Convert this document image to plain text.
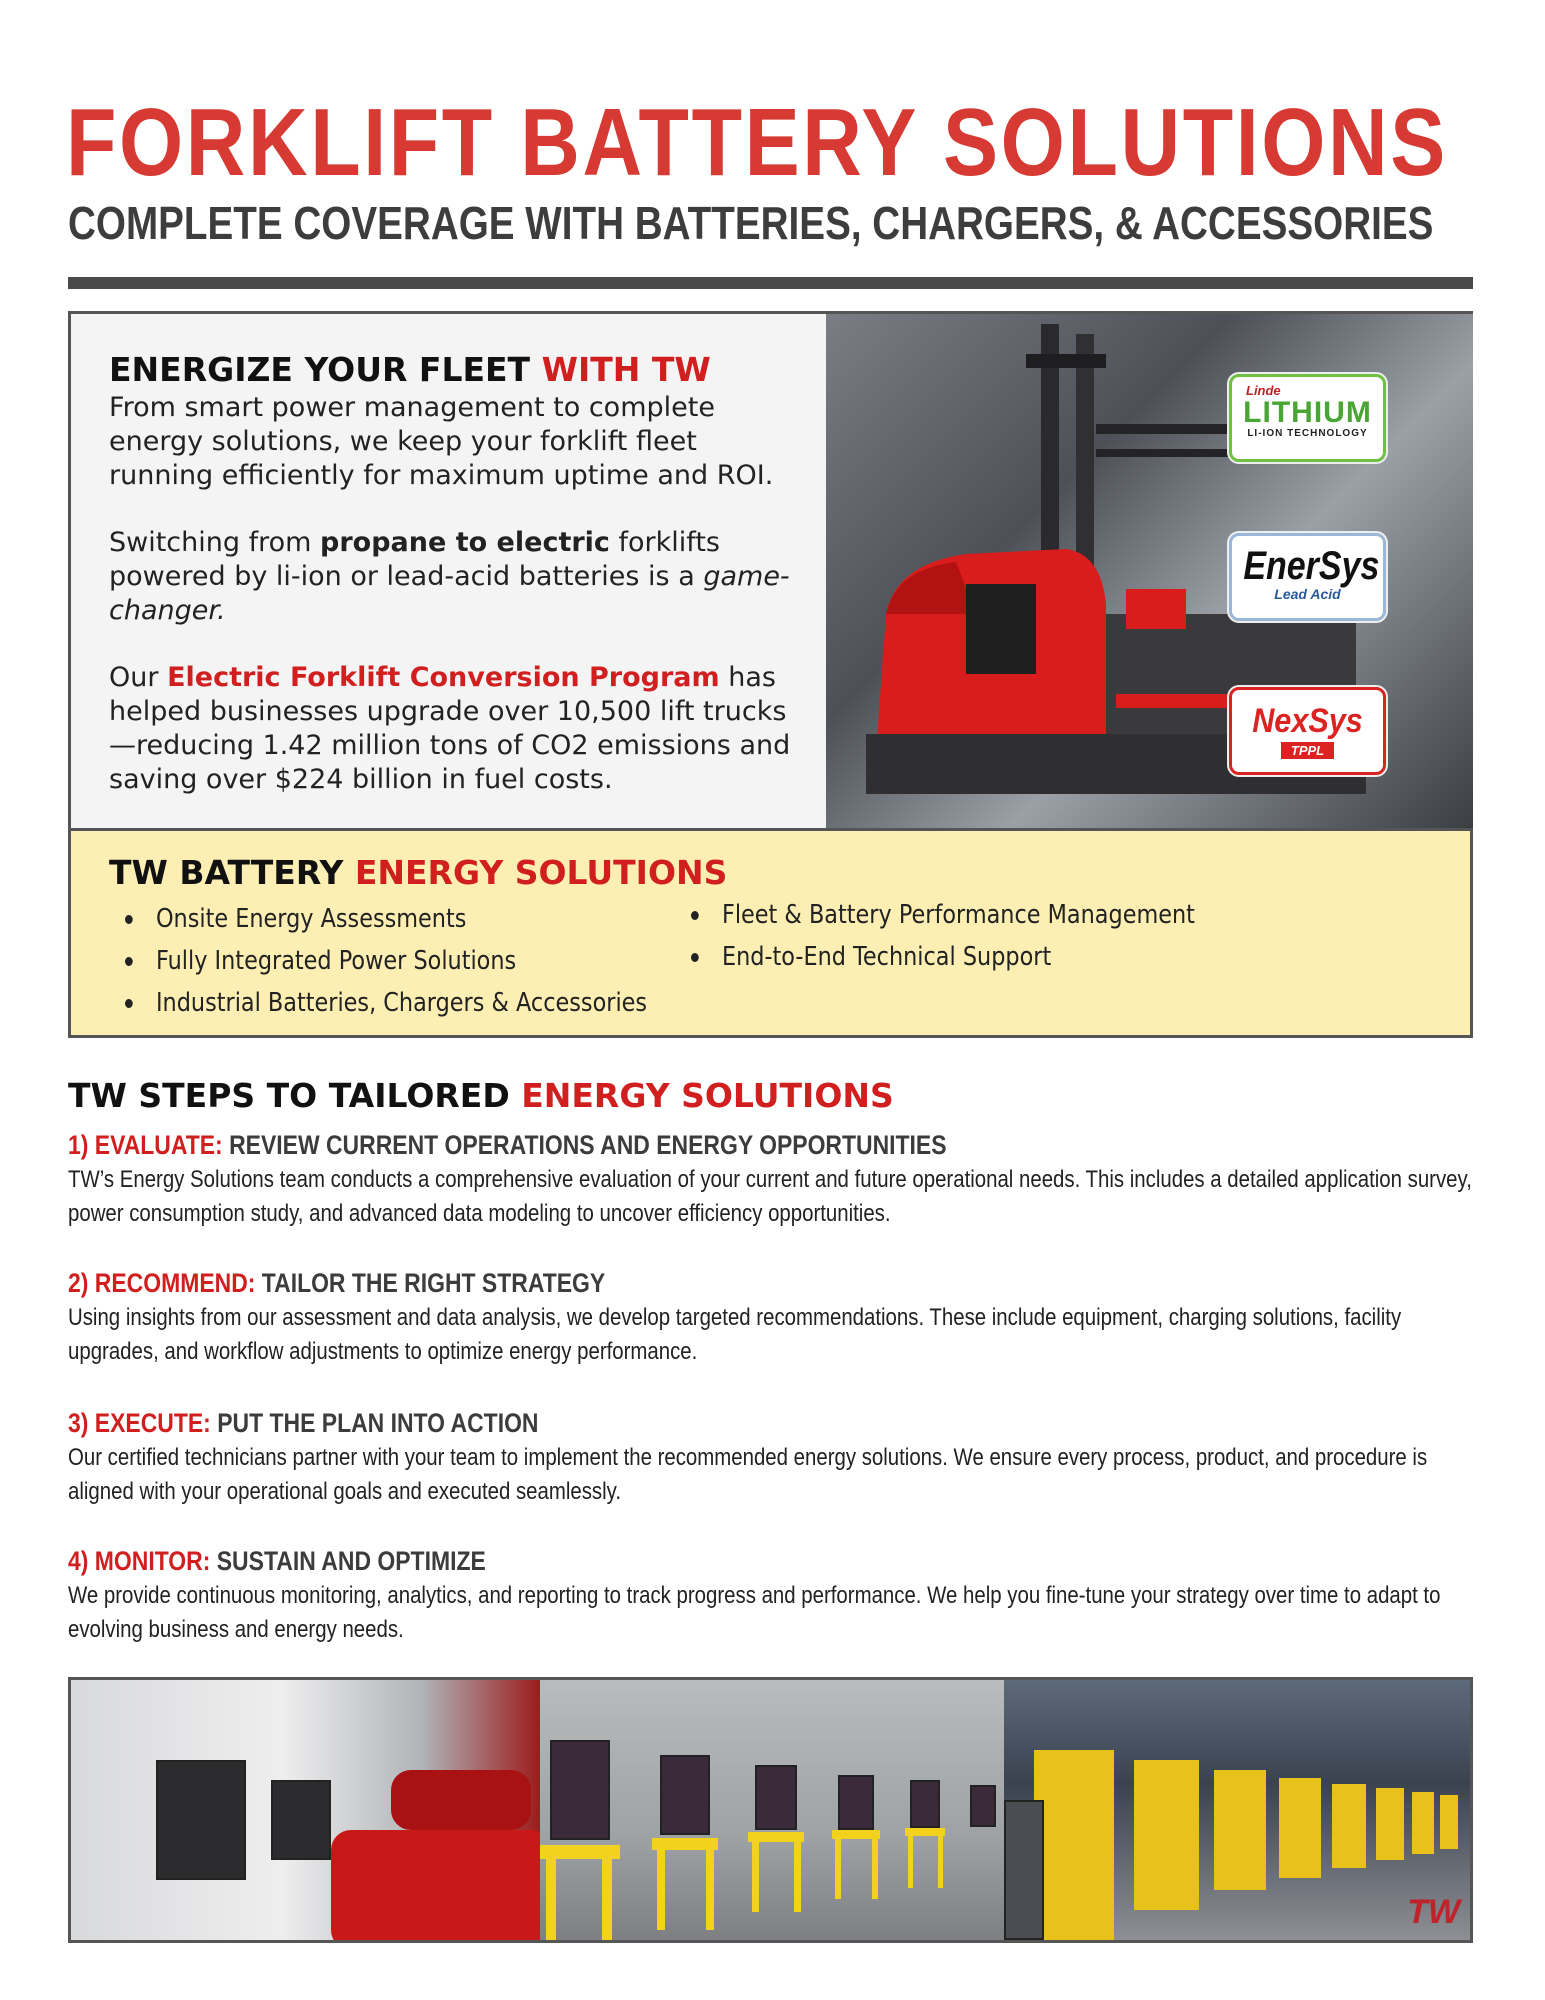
FORKLIFT BATTERY SOLUTIONS
COMPLETE COVERAGE WITH BATTERIES, CHARGERS, & ACCESSORIES
ENERGIZE YOUR FLEET WITH TW

From smart power management to complete energy solutions, we keep your forklift fleet running efficiently for maximum uptime and ROI.

Switching from propane to electric forklifts powered by li-ion or lead-acid batteries is a game-changer.

Our Electric Forklift Conversion Program has helped businesses upgrade over 10,500 lift trucks—reducing 1.42 million tons of CO2 emissions and saving over $224 billion in fuel costs.

Linde
LITHIUM
LI-ION TECHNOLOGY
EnerSys
Lead Acid
NexSys
TPPL
TW BATTERY ENERGY SOLUTIONS
Onsite Energy Assessments
Fully Integrated Power Solutions
Industrial Batteries, Chargers & Accessories
Fleet & Battery Performance Management
End-to-End Technical Support
TW STEPS TO TAILORED ENERGY SOLUTIONS
1) EVALUATE: REVIEW CURRENT OPERATIONS AND ENERGY OPPORTUNITIES
TW’s Energy Solutions team conducts a comprehensive evaluation of your current and future operational needs. This includes a detailed application survey, power consumption study, and advanced data modeling to uncover efficiency opportunities.
2) RECOMMEND: TAILOR THE RIGHT STRATEGY
Using insights from our assessment and data analysis, we develop targeted recommendations. These include equipment, charging solutions, facility upgrades, and workflow adjustments to optimize energy performance.
3) EXECUTE: PUT THE PLAN INTO ACTION
Our certified technicians partner with your team to implement the recommended energy solutions. We ensure every process, product, and procedure is aligned with your operational goals and executed seamlessly.
4) MONITOR: SUSTAIN AND OPTIMIZE
We provide continuous monitoring, analytics, and reporting to track progress and performance. We help you fine-tune your strategy over time to adapt to evolving business and energy needs.
TW
